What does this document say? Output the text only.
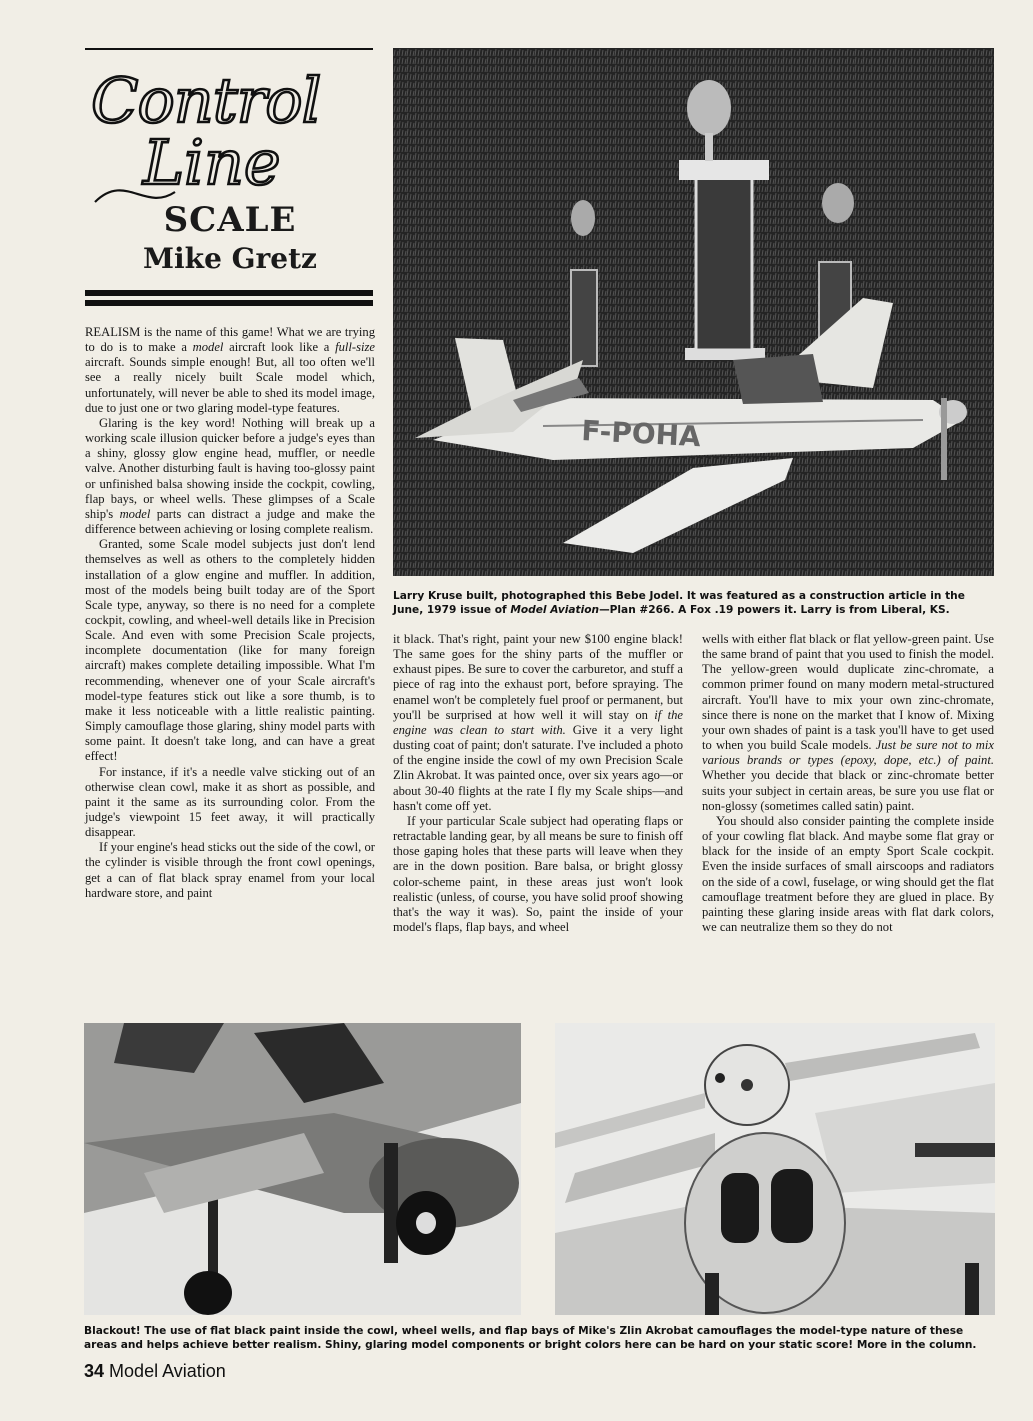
Control
Line
SCALE
Mike Gretz
F-POHA
Larry Kruse built, photographed this Bebe Jodel. It was featured as a construction article in the June, 1979 issue of Model Aviation—Plan #266. A Fox .19 powers it. Larry is from Liberal, KS.

REALISM is the name of this game! What we are trying to do is to make a model aircraft look like a full-size aircraft. Sounds simple enough! But, all too often we'll see a really nicely built Scale model which, unfortunately, will never be able to shed its model image, due to just one or two glaring model-type features.

Glaring is the key word! Nothing will break up a working scale illusion quicker before a judge's eyes than a shiny, glossy glow engine head, muffler, or needle valve. Another disturbing fault is having too-glossy paint or unfinished balsa showing inside the cockpit, cowling, flap bays, or wheel wells. These glimpses of a Scale ship's model parts can distract a judge and make the difference between achieving or losing complete realism.

Granted, some Scale model subjects just don't lend themselves as well as others to the completely hidden installation of a glow engine and muffler. In addition, most of the models being built today are of the Sport Scale type, anyway, so there is no need for a complete cockpit, cowling, and wheel-well details like in Precision Scale. And even with some Precision Scale projects, incomplete documentation (like for many foreign aircraft) makes complete detailing impossible. What I'm recommending, whenever one of your Scale aircraft's model-type features stick out like a sore thumb, is to make it less noticeable with a little realistic painting. Simply camouflage those glaring, shiny model parts with some paint. It doesn't take long, and can have a great effect!

For instance, if it's a needle valve sticking out of an otherwise clean cowl, make it as short as possible, and paint it the same as its surrounding color. From the judge's viewpoint 15 feet away, it will practically disappear.

If your engine's head sticks out the side of the cowl, or the cylinder is visible through the front cowl openings, get a can of flat black spray enamel from your local hardware store, and paint

it black. That's right, paint your new $100 engine black! The same goes for the shiny parts of the muffler or exhaust pipes. Be sure to cover the carburetor, and stuff a piece of rag into the exhaust port, before spraying. The enamel won't be completely fuel proof or permanent, but you'll be surprised at how well it will stay on if the engine was clean to start with. Give it a very light dusting coat of paint; don't saturate. I've included a photo of the engine inside the cowl of my own Precision Scale Zlin Akrobat. It was painted once, over six years ago—or about 30-40 flights at the rate I fly my Scale ships—and hasn't come off yet.

If your particular Scale subject had operating flaps or retractable landing gear, by all means be sure to finish off those gaping holes that these parts will leave when they are in the down position. Bare balsa, or bright glossy color-scheme paint, in these areas just won't look realistic (unless, of course, you have solid proof showing that's the way it was). So, paint the inside of your model's flaps, flap bays, and wheel

wells with either flat black or flat yellow-green paint. Use the same brand of paint that you used to finish the model. The yellow-green would duplicate zinc-chromate, a common primer found on many modern metal-structured aircraft. You'll have to mix your own zinc-chromate, since there is none on the market that I know of. Mixing your own shades of paint is a task you'll have to get used to when you build Scale models. Just be sure not to mix various brands or types (epoxy, dope, etc.) of paint. Whether you decide that black or zinc-chromate better suits your subject in certain areas, be sure you use flat or non-glossy (sometimes called satin) paint.

You should also consider painting the complete inside of your cowling flat black. And maybe some flat gray or black for the inside of an empty Sport Scale cockpit. Even the inside surfaces of small airscoops and radiators on the side of a cowl, fuselage, or wing should get the flat camouflage treatment before they are glued in place. By painting these glaring inside areas with flat dark colors, we can neutralize them so they do not

Blackout! The use of flat black paint inside the cowl, wheel wells, and flap bays of Mike's Zlin Akrobat camouflages the model-type nature of these areas and helps achieve better realism. Shiny, glaring model components or bright colors here can be hard on your static score! More in the column.
34 Model Aviation
